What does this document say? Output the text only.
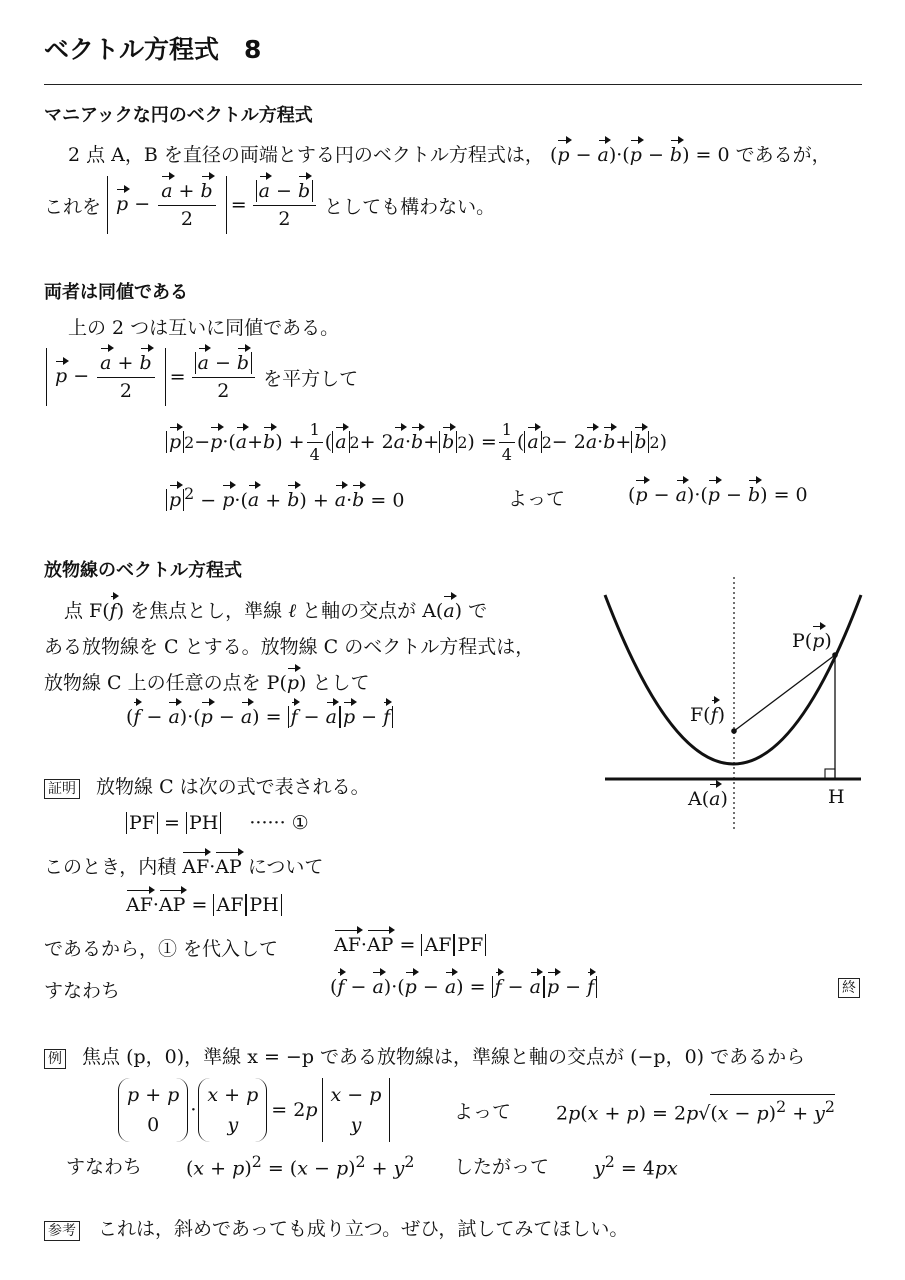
ベクトル方程式　8
マニアックな円のベクトル方程式
2 点 A，B を直径の両端とする円のベクトル方程式は， (p − a)·(p − b) = 0 であるが，
これを $p - \frac{a + b}{2} = \frac{a - b}{2}$ としても構わない。
両者は同値である
上の 2 つは互いに同値である。
$p - \frac{a + b}{2} = \frac{a - b}{2}$ を平方して
p 2 − p ·( a + b ) + $\frac{1}{4}$ ( a 2 + 2 a · b + b 2 ) = $\frac{1}{4}$ ( a 2 − 2 a · b + b 2 )
p $^2$ − p·(a + b) + a·b = 0	よって	(p − a)·(p − b) = 0
放物線のベクトル方程式
点 F(f) を焦点とし，準線 ℓ と軸の交点が A(a) で
ある放物線を C とする。放物線 C のベクトル方程式は，
放物線 C 上の任意の点を P(p) として
(f − a)·(p − a) = f − a p − f
証明 放物線 C は次の式で表される。
PF = PH ······ ①
このとき，内積 AF·AP について
AF·AP = AF PH
であるから，① を代入して	AF·AP = AF PF
すなわち	(f − a)·(p − a) = f − a p − f	終
P(p)
F(f)
A(a)	H
例 焦点 (p，0)，準線 x = −p である放物線は，準線と軸の交点が (−p，0) であるから
p + p
0
·
x + p
y
= 2p
x − p
y
よって $2p(x + p) = 2p√(x - p)^2 + y^2$
すなわち $(x + p)^2 = (x - p)^2 + y^2$ したがって $y^2 = 4px$
参考 これは，斜めであっても成り立つ。ぜひ，試してみてほしい。
